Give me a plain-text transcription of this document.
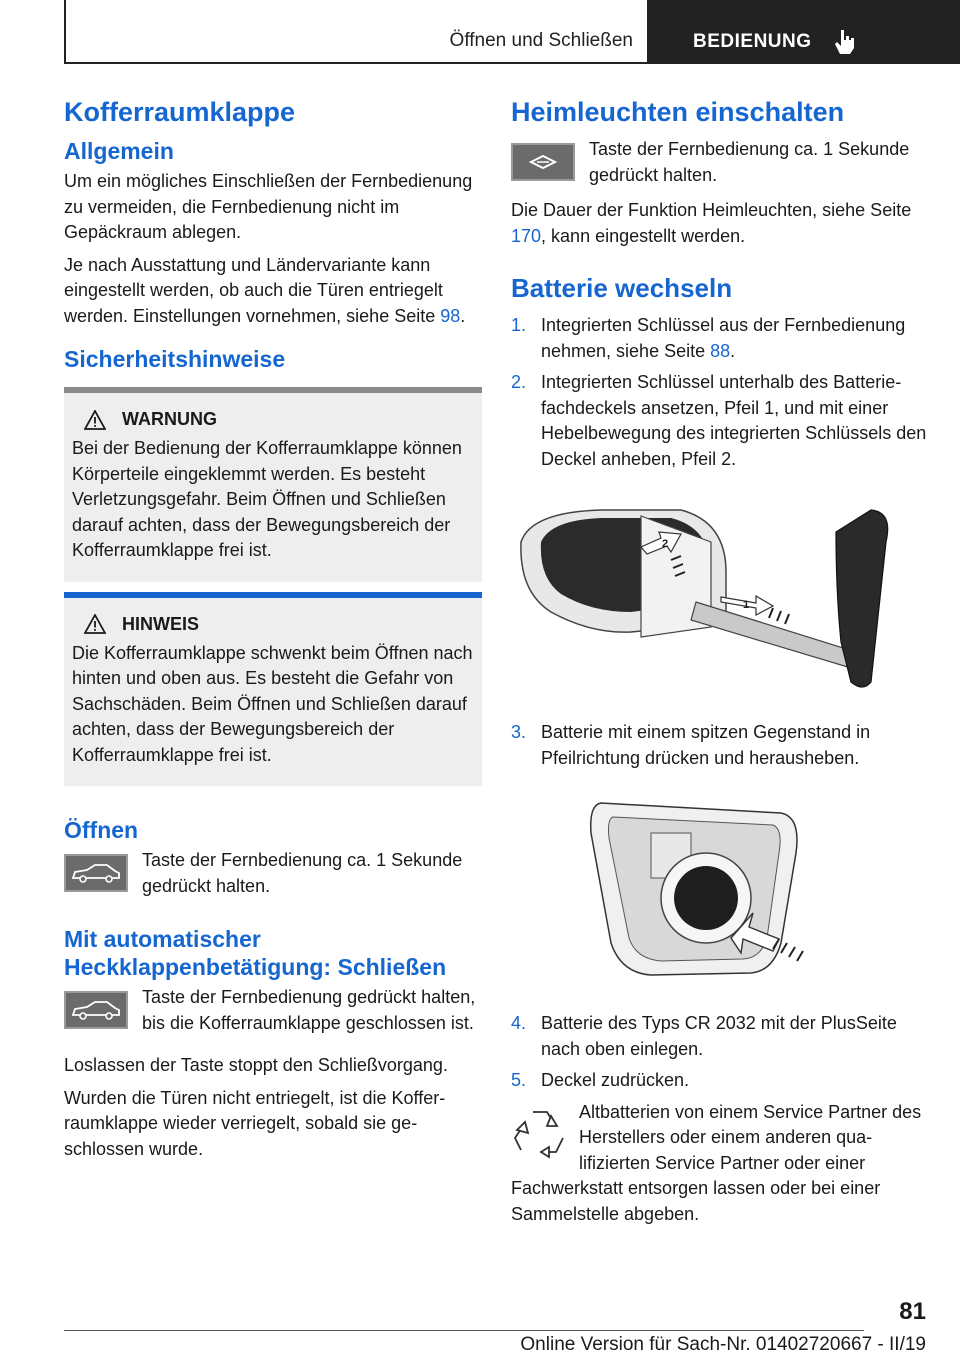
Öffnen und Schließen	BEDIENUNG
Kofferraumklappe
Allgemein

Um ein mögliches Einschließen der Fernbedienung zu vermeiden, die Fernbedienung nicht im Gepäckraum ablegen.

Je nach Ausstattung und Ländervariante kann eingestellt werden, ob auch die Türen entriegelt werden. Einstellungen vornehmen, siehe Seite 98.

Sicherheitshinweise
WARNUNG

Bei der Bedienung der Kofferraumklappe können Körperteile eingeklemmt werden. Es besteht Verletzungsgefahr. Beim Öffnen und Schließen darauf achten, dass der Bewegungsbereich der Kofferraumklappe frei ist.

HINWEIS

Die Kofferraumklappe schwenkt beim Öffnen nach hinten und oben aus. Es besteht die Gefahr von Sachschäden. Beim Öffnen und Schließen darauf achten, dass der Bewegungsbereich der Kofferraumklappe frei ist.

Öffnen

Taste der Fernbedienung ca. 1 Sekunde gedrückt halten.

Mit automatischer Heckklappenbetätigung: Schließen

Taste der Fernbedienung gedrückt halten, bis die Kofferraumklappe geschlossen ist.

Loslassen der Taste stoppt den Schließvorgang.

Wurden die Türen nicht entriegelt, ist die Kofferraumklappe wieder verriegelt, sobald sie geschlossen wurde.

Heimleuchten einschalten

Taste der Fernbedienung ca. 1 Sekunde gedrückt halten.

Die Dauer der Funktion Heimleuchten, siehe Seite 170, kann eingestellt werden.

Batterie wechseln
1. Integrierten Schlüssel aus der Fernbedienung nehmen, siehe Seite 88.
2. Integrierten Schlüssel unterhalb des Batteriefachdeckels ansetzen, Pfeil 1, und mit einer Hebelbewegung des integrierten Schlüssels den Deckel anheben, Pfeil 2.
1
2
3. Batterie mit einem spitzen Gegenstand in Pfeilrichtung drücken und herausheben.
4. Batterie des Typs CR 2032 mit der PlusSeite nach oben einlegen.
5. Deckel zudrücken.

Altbatterien von einem Service Partner des Herstellers oder einem anderen qualifizierten Service Partner oder einer Fachwerkstatt entsorgen lassen oder bei einer Sammelstelle abgeben.

81
Online Version für Sach-Nr. 01402720667 - II/19
